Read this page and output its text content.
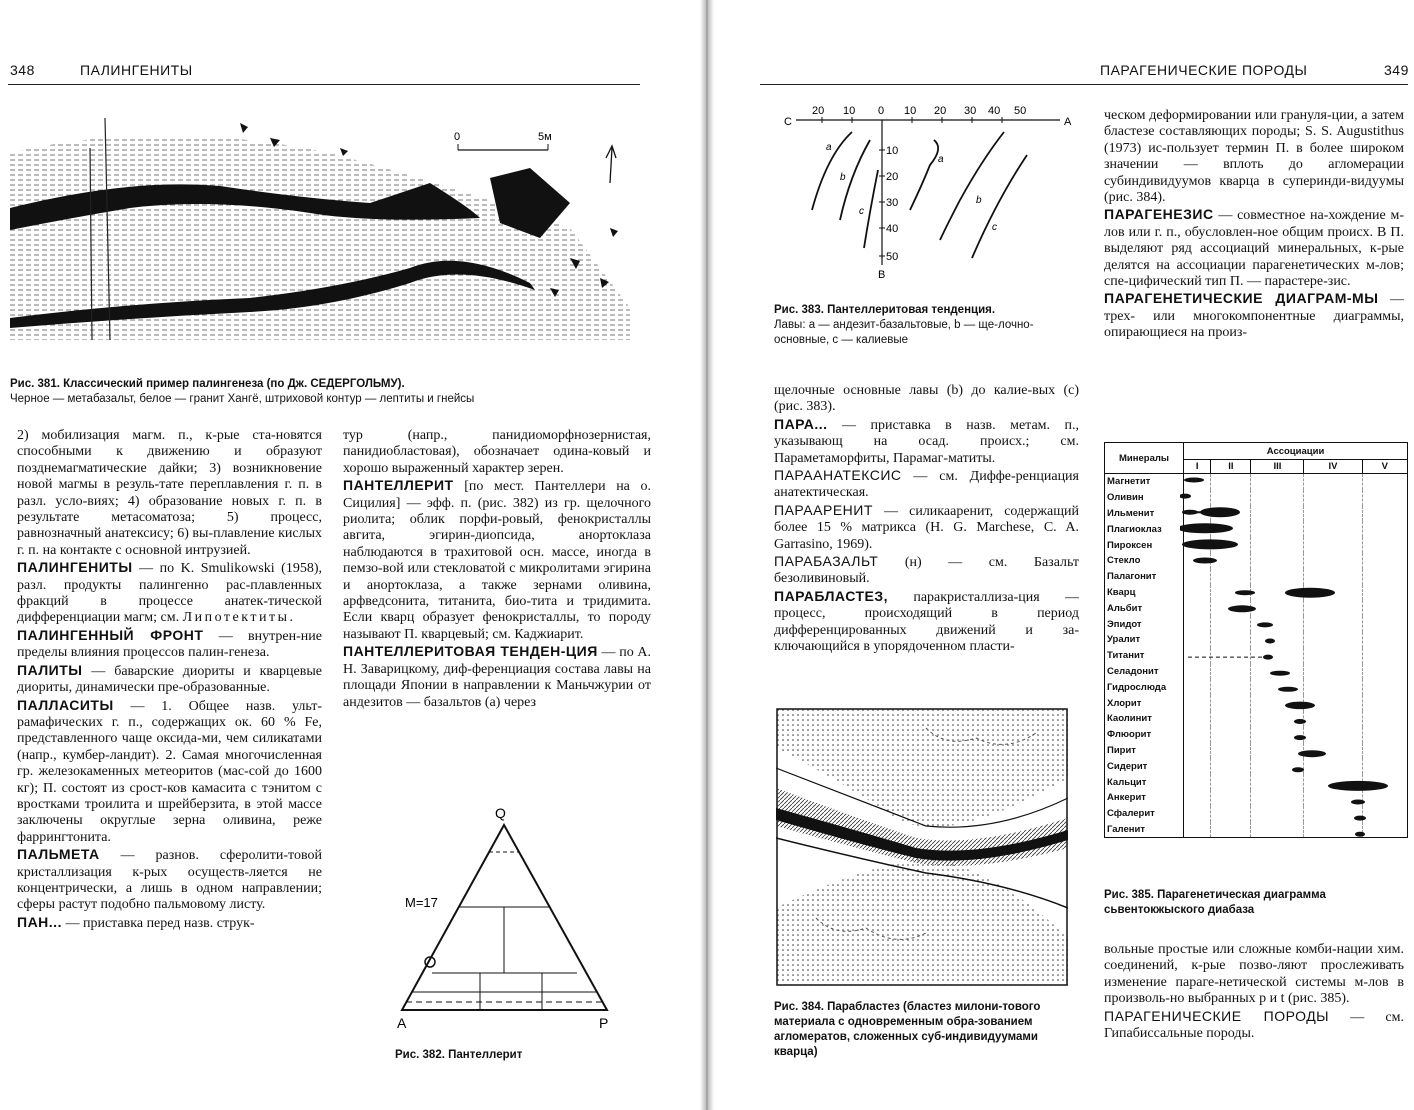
348	ПАЛИНГЕНИТЫ
0	5м
Рис. 381. Классический пример палингенеза (по Дж. СЕДЕРГОЛЬМУ).
Черное — метабазальт, белое — гранит Хангё, штриховой контур — лептиты и гнейсы

2) мобилизация магм. п., к-рые ста-новятся способными к движению и образуют позднемагматические дайки; 3) возникновение новой магмы в резуль-тате переплавления г. п. в разл. усло-виях; 4) образование новых г. п. в результате метасоматоза; 5) процесс, равнозначный анатексису; 6) вы-плавление кислых г. п. на контакте с основной интрузией.

ПАЛИНГЕНИТЫ — по K. Smulikowski (1958), разл. продукты палингенно рас-плавленных фракций в процессе анатек-тической дифференциации магм; см. Липотектиты.

ПАЛИНГЕННЫЙ ФРОНТ — внутрен-ние пределы влияния процессов палин-генеза.

ПАЛИТЫ — баварские диориты и кварцевые диориты, динамически пре-образованные.

ПАЛЛАСИТЫ — 1. Общее назв. ульт-рамафических г. п., содержащих ок. 60 % Fe, представленного чаще оксида-ми, чем силикатами (напр., кумбер-ландит). 2. Самая многочисленная гр. железокаменных метеоритов (мас-сой до 1600 кг); П. состоят из срост-ков камасита с тэнитом с вростками троилита и шрейберзита, в этой массе заключены округлые зерна оливина, реже фаррингтонита.

ПАЛЬМЕТА — разнов. сферолити-товой кристаллизация к-рых осуществ-ляется не концентрически, а лишь в одном направлении; сферы растут подобно пальмовому листу.

ПАН... — приставка перед назв. струк-

тур (напр., панидиоморфнозернистая, панидиобластовая), обозначает одина-ковый и хорошо выраженный характер зерен.

ПАНТЕЛЛЕРИТ [по мест. Пантеллери на о. Сицилия] — эфф. п. (рис. 382) из гр. щелочного риолита; облик порфи-ровый, фенокристаллы авгита, эгирин-диопсида, анортоклаза наблюдаются в трахитовой осн. массе, иногда в пемзо-вой или стекловатой с микролитами эгирина и анортоклаза, а также зернами оливина, арфведсонита, титанита, био-тита и тридимита. Если кварц образует фенокристаллы, то породу называют П. кварцевый; см. Каджиарит.

ПАНТЕЛЛЕРИТОВАЯ ТЕНДЕН-ЦИЯ — по А. Н. Заварицкому, диф-ференциация состава лавы на площади Японии в направлении к Маньчжурии от андезитов — базальтов (a) через

Q
A	P
M=17
Рис. 382. Пантеллерит
ПАРАГЕНИЧЕСКИЕ ПОРОДЫ	349
20 10 0 10 20 30 40 50
10
20
30
40
50
C	A
B
a
b
c
a
b
c
Рис. 383. Пантеллеритовая тенденция.
Лавы: a — андезит-базальтовые, b — ще-лочно-основные, c — калиевые

щелочные основные лавы (b) до калие-вых (c) (рис. 383).

ПАРА... — приставка в назв. метам. п., указывающ на осад. происх.; см. Параметаморфиты, Парамаг-матиты.

ПАРААНАТЕКСИС — см. Диффе-ренциация анатектическая.

ПАРААРЕНИТ — силикааренит, содержащий более 15 % матрикса (H. G. Marchese, C. A. Garrasino, 1969).

ПАРАБАЗАЛЬТ (н) — см. Базальт безоливиновый.

ПАРАБЛАСТЕЗ, паракристаллиза-ция — процесс, происходящий в период дифференцированных движений и за-ключающийся в упорядоченном пласти-

Рис. 384. Парабластез (бластез милони-тового материала с одновременным обра-зованием агломератов, сложенных суб-индивидуумами кварца)

ческом деформировании или грануля-ции, а затем бластезе составляющих породы; S. S. Augustithus (1973) ис-пользует термин П. в более широком значении — вплоть до агломерации субиндивидуумов кварца в суперинди-видуумы (рис. 384).

ПАРАГЕНЕЗИС — совместное на-хождение м-лов или г. п., обусловлен-ное общим происх. В П. выделяют ряд ассоциаций минеральных, к-рые делятся на ассоциации парагенетических м-лов; спе-цифический тип П. — парастере-зис.

ПАРАГЕНЕТИЧЕСКИЕ ДИАГРАМ-МЫ — трех- или многокомпонентные диаграммы, опирающиеся на произ-

Минералы	Ассоциации				
	I	II	III	IV	V
Магнетит					
Оливин					
Ильменит					
Плагиоклаз					
Пироксен					
Стекло					
Палагонит					
Кварц					
Альбит					
Эпидот					
Уралит					
Титанит					
Селадонит					
Гидрослюда					
Хлорит					
Каолинит					
Флюорит					
Пирит					
Сидерит					
Кальцит					
Анкерит					
Сфалерит					
Галенит					
Рис. 385. Парагенетическая диаграмма сьвентокжыского диабаза

вольные простые или сложные комби-нации хим. соединений, к-рые позво-ляют прослеживать изменение параге-нетической системы м-лов в произволь-но выбранных p и t (рис. 385).

ПАРАГЕНИЧЕСКИЕ ПОРОДЫ — см. Гипабиссальные породы.
